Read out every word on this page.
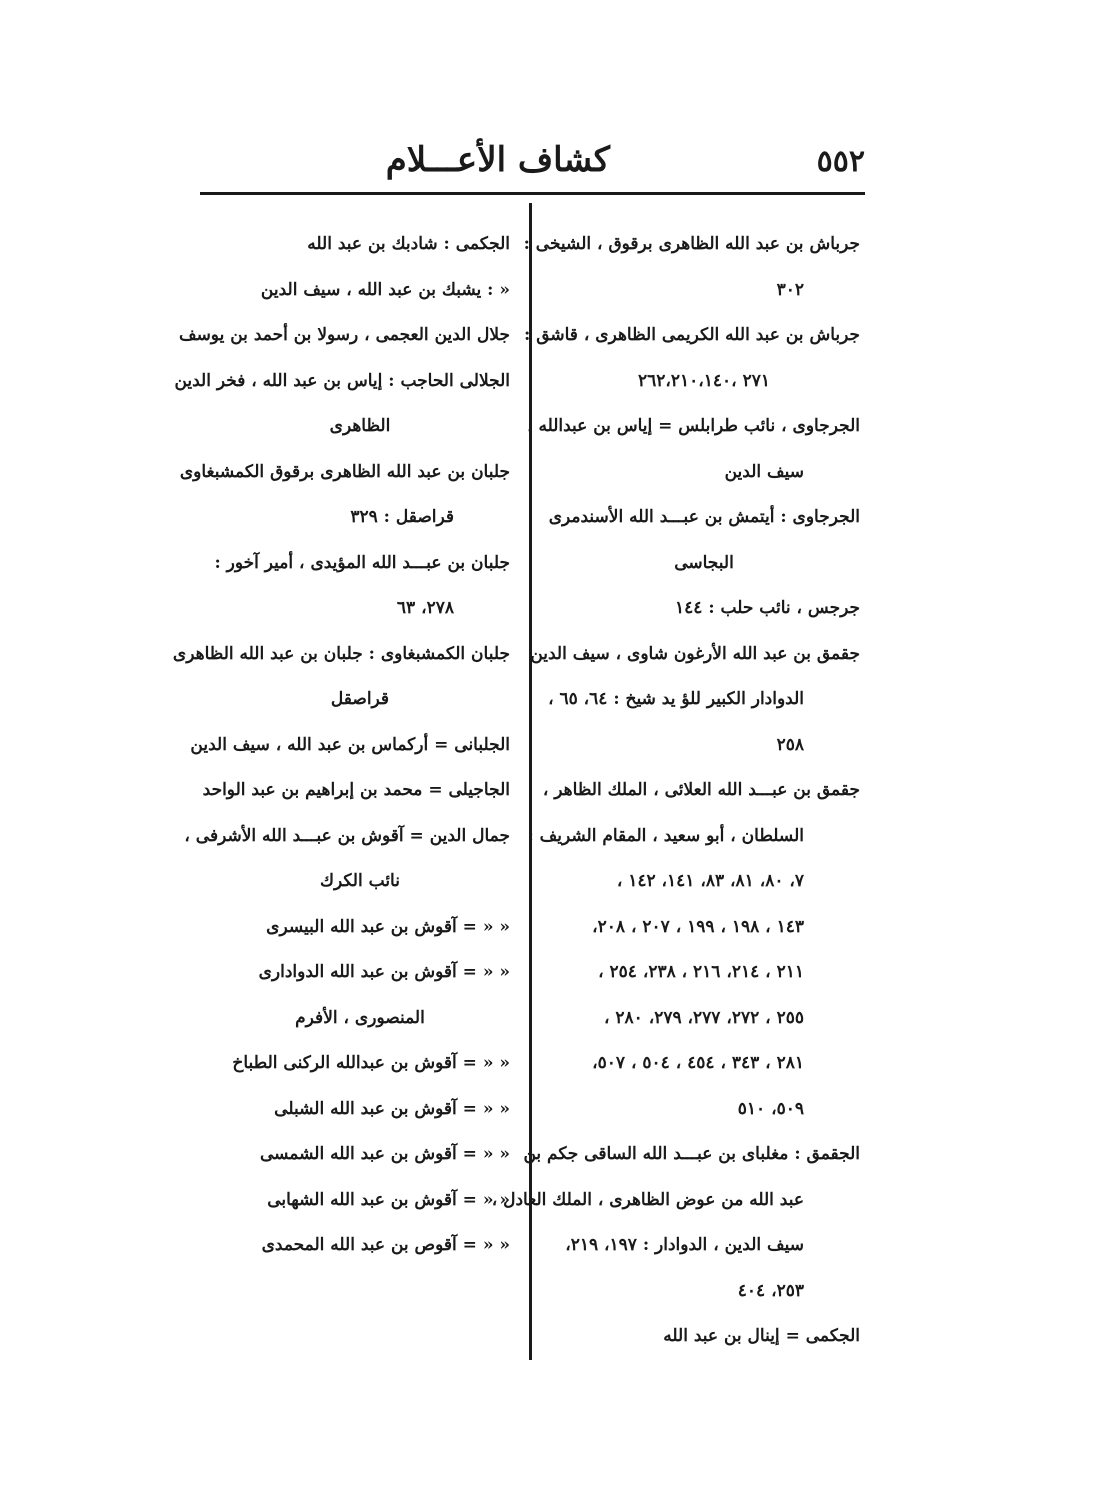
٥٥٢
كشاف الأعـــلام
جرباش بن عبد الله الظاهرى برقوق ، الشيخى :
٣٠٢
جرباش بن عبد الله الكريمى الظاهرى ، قاشق :
٢٧١ ،٢٦٢،٢١٠،١٤٠
الجرجاوى ، نائب طرابلس = إياس بن عبدالله ،
سيف الدين
الجرجاوى : أيتمش بن عبـــد الله الأسندمرى
البجاسى
جرجس ، نائب حلب : ١٤٤
جقمق بن عبد الله الأرغون شاوى ، سيف الدين
الدوادار الكبير للؤ يد شيخ : ٦٤، ٦٥ ،
٢٥٨
جقمق بن عبـــد الله العلائى ، الملك الظاهر ،
السلطان ، أبو سعيد ، المقام الشريف :
٧، ٨٠، ٨١، ٨٣، ١٤١، ١٤٢ ،
١٤٣ ، ١٩٨ ، ١٩٩ ، ٢٠٧ ، ٢٠٨،
٢١١ ، ٢١٤، ٢١٦ ، ٢٣٨، ٢٥٤ ،
٢٥٥ ، ٢٧٢، ٢٧٧، ٢٧٩، ٢٨٠ ،
٢٨١ ، ٣٤٣ ، ٤٥٤ ، ٥٠٤ ، ٥٠٧،
٥٠٩، ٥١٠
الجقمق : مغلباى بن عبـــد الله الساقى جكم بن
عبد الله من عوض الظاهرى ، الملك العادل ،
سيف الدين ، الدوادار : ١٩٧، ٢١٩،
٢٥٣، ٤٠٤
الجكمى = إينال بن عبد الله
الجكمى : شادبك بن عبد الله
« : يشبك بن عبد الله ، سيف الدين
جلال الدين العجمى ، رسولا بن أحمد بن يوسف
الجلالى الحاجب : إياس بن عبد الله ، فخر الدين
الظاهرى
جلبان بن عبد الله الظاهرى برقوق الكمشبغاوى
قراصقل : ٣٢٩
جلبان بن عبـــد الله المؤيدى ، أمير آخور :
٢٧٨، ٦٣
جلبان الكمشبغاوى : جلبان بن عبد الله الظاهرى
قراصقل
الجلبانى = أركماس بن عبد الله ، سيف الدين
الجاجيلى = محمد بن إبراهيم بن عبد الواحد
جمال الدين = آقوش بن عبـــد الله الأشرفى ،
نائب الكرك
« « = آقوش بن عبد الله البيسرى
« « = آقوش بن عبد الله الدوادارى
المنصورى ، الأفرم
« « = آقوش بن عبدالله الركنى الطباخ
« « = آقوش بن عبد الله الشبلى
« « = آقوش بن عبد الله الشمسى
« « = آقوش بن عبد الله الشهابى
« « = آقوص بن عبد الله المحمدى
